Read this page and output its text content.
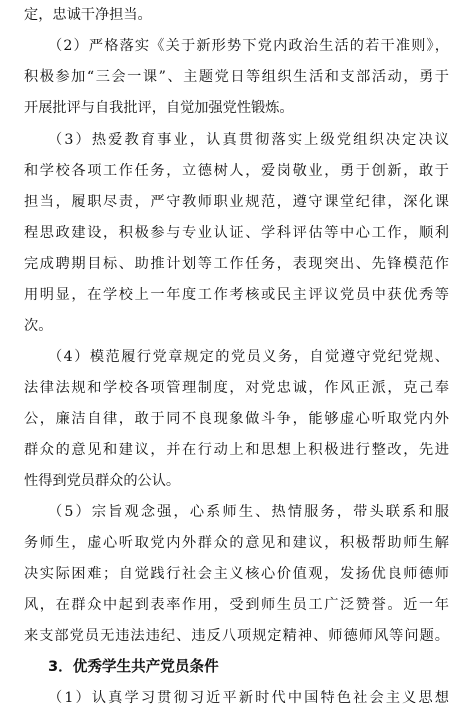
定，忠诚干净担当。
（2）严格落实《关于新形势下党内政治生活的若干准则》，
积极参加“三会一课”、主题党日等组织生活和支部活动，勇于
开展批评与自我批评，自觉加强党性锻炼。
（3）热爱教育事业，认真贯彻落实上级党组织决定决议
和学校各项工作任务，立德树人，爱岗敬业，勇于创新，敢于
担当，履职尽责，严守教师职业规范，遵守课堂纪律，深化课
程思政建设，积极参与专业认证、学科评估等中心工作，顺利
完成聘期目标、助推计划等工作任务，表现突出、先锋模范作
用明显，在学校上一年度工作考核或民主评议党员中获优秀等
次。
（4）模范履行党章规定的党员义务，自觉遵守党纪党规、
法律法规和学校各项管理制度，对党忠诚，作风正派，克己奉
公，廉洁自律，敢于同不良现象做斗争，能够虚心听取党内外
群众的意见和建议，并在行动上和思想上积极进行整改，先进
性得到党员群众的公认。
（5）宗旨观念强，心系师生、热情服务，带头联系和服
务师生，虚心听取党内外群众的意见和建议，积极帮助师生解
决实际困难；自觉践行社会主义核心价值观，发扬优良师德师
风，在群众中起到表率作用，受到师生员工广泛赞誉。近一年
来支部党员无违法违纪、违反八项规定精神、师德师风等问题。
3．优秀学生共产党员条件
（1）认真学习贯彻习近平新时代中国特色社会主义思想
